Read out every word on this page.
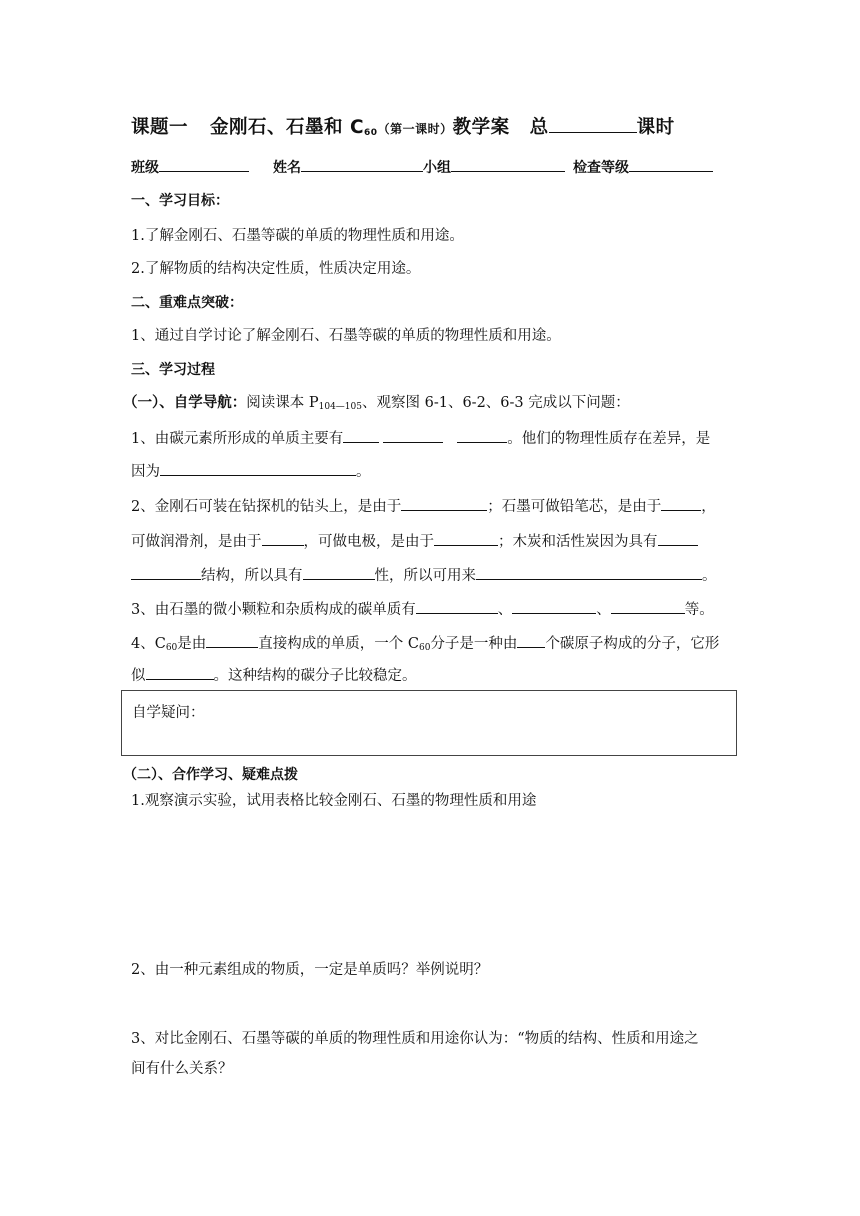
课题一 金刚石、石墨和 $C_{60}$（第一课时）教学案 总	课时
班级	姓名	小组	检查等级
一、学习目标：
1.了解金刚石、石墨等碳的单质的物理性质和用途。
2.了解物质的结构决定性质，性质决定用途。
二、重难点突破：
1、通过自学讨论了解金刚石、石墨等碳的单质的物理性质和用途。
三、学习过程
（一）、自学导航：阅读课本 $P_{104—105}$、观察图 6-1、6-2、6-3 完成以下问题：
1、由碳元素所形成的单质主要有	。他们的物理性质存在差异，是
因为	。
2、金刚石可装在钻探机的钻头上，是由于	；石墨可做铅笔芯，是由于	，
可做润滑剂，是由于	，可做电极，是由于	；木炭和活性炭因为具有
结构，所以具有	性，所以可用来	。
3、由石墨的微小颗粒和杂质构成的碳单质有	、	、	等。
4、$C_{60}$是由	直接构成的单质，一个 $C_{60}$分子是一种由 个碳原子构成的分子，它形
似	。这种结构的碳分子比较稳定。
自学疑问：
（二）、合作学习、疑难点拨
1.观察演示实验，试用表格比较金刚石、石墨的物理性质和用途
2、由一种元素组成的物质，一定是单质吗？举例说明？
3、对比金刚石、石墨等碳的单质的物理性质和用途你认为：“物质的结构、性质和用途之
间有什么关系？
